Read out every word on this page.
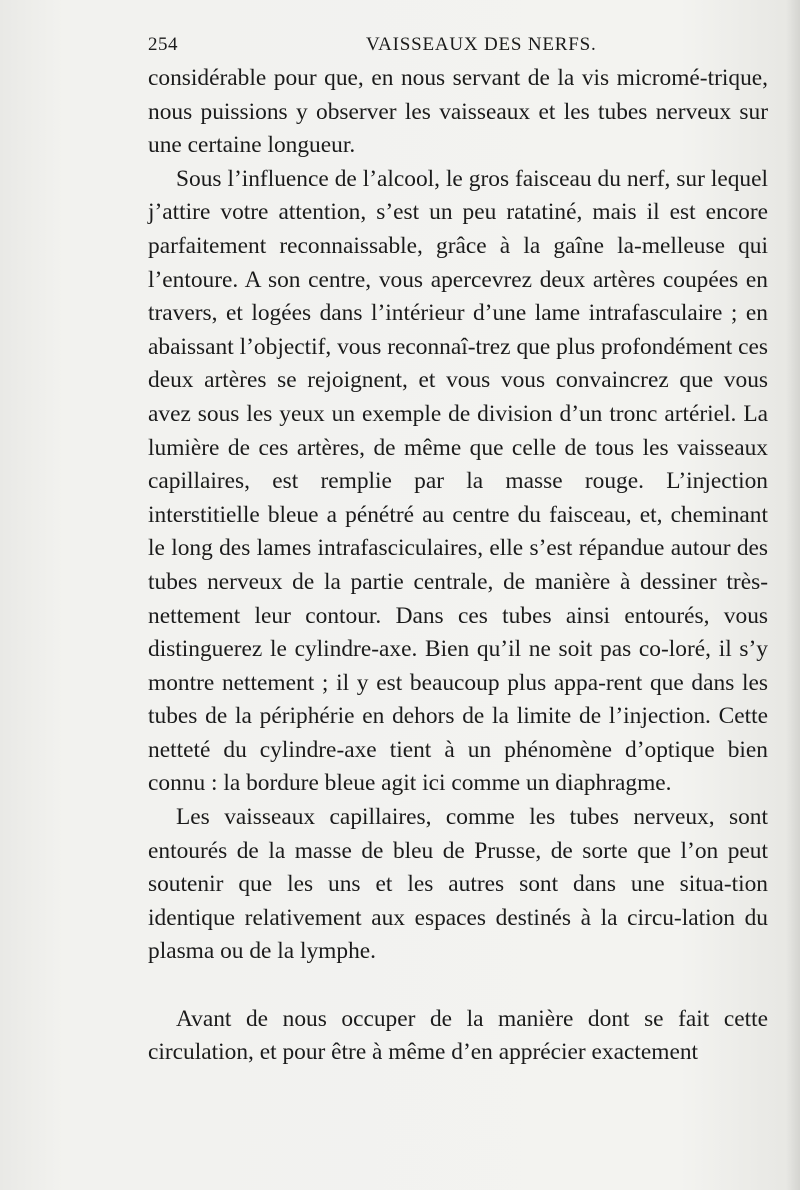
254	VAISSEAUX DES NERFS.

considérable pour que, en nous servant de la vis micromé-trique, nous puissions y observer les vaisseaux et les tubes nerveux sur une certaine longueur.

Sous l’influence de l’alcool, le gros faisceau du nerf, sur lequel j’attire votre attention, s’est un peu ratatiné, mais il est encore parfaitement reconnaissable, grâce à la gaîne la-melleuse qui l’entoure. A son centre, vous apercevrez deux artères coupées en travers, et logées dans l’intérieur d’une lame intrafasculaire ; en abaissant l’objectif, vous reconnaî-trez que plus profondément ces deux artères se rejoignent, et vous vous convaincrez que vous avez sous les yeux un exemple de division d’un tronc artériel. La lumière de ces artères, de même que celle de tous les vaisseaux capillaires, est remplie par la masse rouge. L’injection interstitielle bleue a pénétré au centre du faisceau, et, cheminant le long des lames intrafasciculaires, elle s’est répandue autour des tubes nerveux de la partie centrale, de manière à dessiner très-nettement leur contour. Dans ces tubes ainsi entourés, vous distinguerez le cylindre-axe. Bien qu’il ne soit pas co-loré, il s’y montre nettement ; il y est beaucoup plus appa-rent que dans les tubes de la périphérie en dehors de la limite de l’injection. Cette netteté du cylindre-axe tient à un phénomène d’optique bien connu : la bordure bleue agit ici comme un diaphragme.

Les vaisseaux capillaires, comme les tubes nerveux, sont entourés de la masse de bleu de Prusse, de sorte que l’on peut soutenir que les uns et les autres sont dans une situa-tion identique relativement aux espaces destinés à la circu-lation du plasma ou de la lymphe.

Avant de nous occuper de la manière dont se fait cette circulation, et pour être à même d’en apprécier exactement
